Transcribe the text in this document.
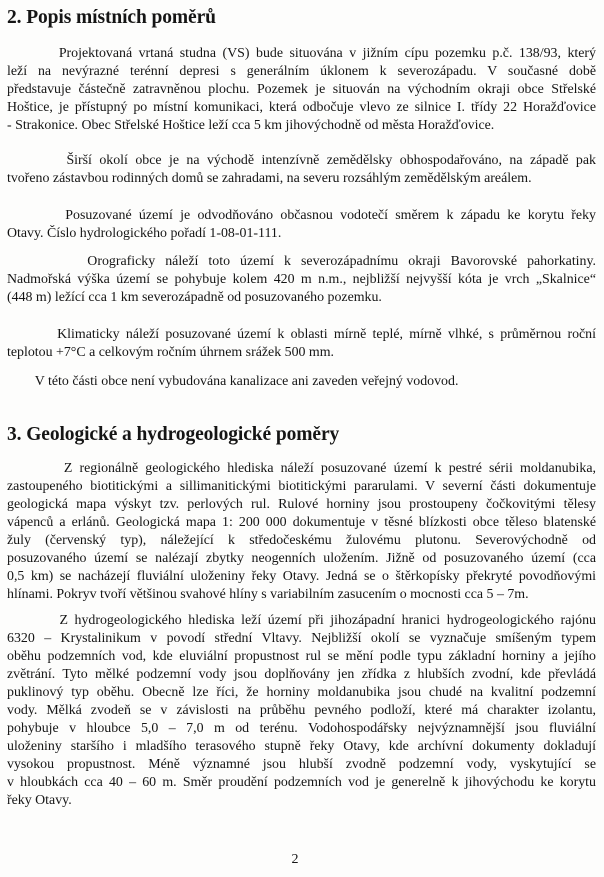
2. Popis místních poměrů
Projektovaná vrtaná studna (VS) bude situována v jižním cípu pozemku p.č. 138/93, který
leží na nevýrazné terénní depresi s generálním úklonem k severozápadu. V současné době
představuje částečně zatravněnou plochu. Pozemek je situován na východním okraji obce Střelské
Hoštice, je přístupný po místní komunikaci, která odbočuje vlevo ze silnice I. třídy 22 Horažďovice
- Strakonice. Obec Střelské Hoštice leží cca 5 km jihovýchodně od města Horažďovice.
Širší okolí obce je na východě intenzívně zemědělsky obhospodařováno, na západě pak
tvořeno zástavbou rodinných domů se zahradami, na severu rozsáhlým zemědělským areálem.
Posuzované území je odvodňováno občasnou vodotečí směrem k západu ke korytu řeky
Otavy. Číslo hydrologického pořadí 1-08-01-111.
Orograficky náleží toto území k severozápadnímu okraji Bavorovské pahorkatiny.
Nadmořská výška území se pohybuje kolem 420 m n.m., nejbližší nejvyšší kóta je vrch „Skalnice“
(448 m) ležící cca 1 km severozápadně od posuzovaného pozemku.
Klimaticky náleží posuzované území k oblasti mírně teplé, mírně vlhké, s průměrnou roční
teplotou +7°C a celkovým ročním úhrnem srážek 500 mm.
V této části obce není vybudována kanalizace ani zaveden veřejný vodovod.
3. Geologické a hydrogeologické poměry
Z regionálně geologického hlediska náleží posuzované území k pestré sérii moldanubika,
zastoupeného biotitickými a sillimanitickými biotitickými pararulami. V severní části dokumentuje
geologická mapa výskyt tzv. perlových rul. Rulové horniny jsou prostoupeny čočkovitými tělesy
vápenců a erlánů. Geologická mapa 1: 200 000 dokumentuje v těsné blízkosti obce těleso blatenské
žuly (červenský typ), náležející k středočeskému žulovému plutonu. Severovýchodně od
posuzovaného území se nalézají zbytky neogenních uložením. Jižně od posuzovaného území (cca
0,5 km) se nacházejí fluviální uloženiny řeky Otavy. Jedná se o štěrkopísky překryté povodňovými
hlínami. Pokryv tvoří většinou svahové hlíny s variabilním zasucením o mocnosti cca 5 – 7m.
Z hydrogeologického hlediska leží území při jihozápadní hranici hydrogeologického rajónu
6320 – Krystalinikum v povodí střední Vltavy. Nejbližší okolí se vyznačuje smíšeným typem
oběhu podzemních vod, kde eluviální propustnost rul se mění podle typu základní horniny a jejího
zvětrání. Tyto mělké podzemní vody jsou doplňovány jen zřídka z hlubších zvodní, kde převládá
puklinový typ oběhu. Obecně lze říci, že horniny moldanubika jsou chudé na kvalitní podzemní
vody. Mělká zvodeň se v závislosti na průběhu pevného podloží, které má charakter izolantu,
pohybuje v hloubce 5,0 – 7,0 m od terénu. Vodohospodářsky nejvýznamnější jsou fluviální
uloženiny staršího i mladšího terasového stupně řeky Otavy, kde archívní dokumenty dokladují
vysokou propustnost. Méně významné jsou hlubší zvodně podzemní vody, vyskytující se
v hloubkách cca 40 – 60 m. Směr proudění podzemních vod je generelně k jihovýchodu ke korytu
řeky Otavy.
2
